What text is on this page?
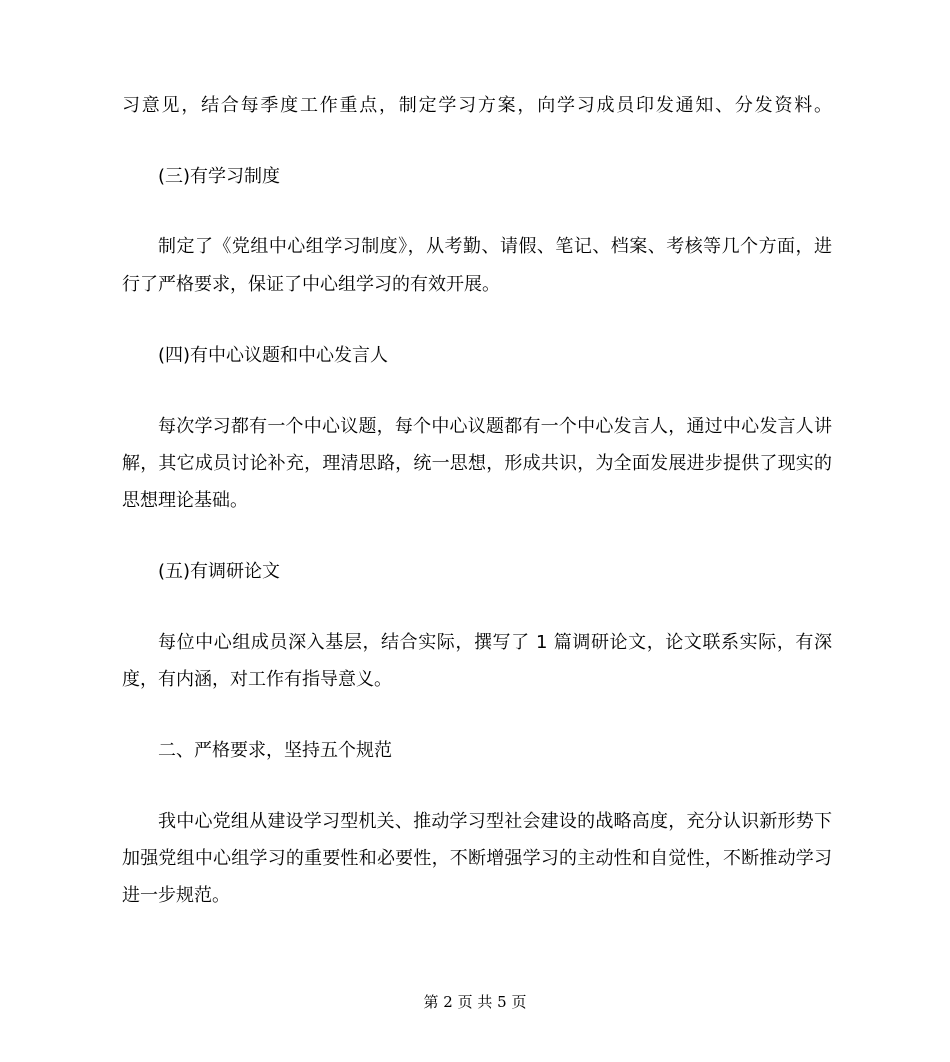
习意见，结合每季度工作重点，制定学习方案，向学习成员印发通知、分发资料。
(三)有学习制度
制定了《党组中心组学习制度》，从考勤、请假、笔记、档案、考核等几个方面，进
行了严格要求，保证了中心组学习的有效开展。
(四)有中心议题和中心发言人
每次学习都有一个中心议题，每个中心议题都有一个中心发言人，通过中心发言人讲
解，其它成员讨论补充，理清思路，统一思想，形成共识，为全面发展进步提供了现实的
思想理论基础。
(五)有调研论文
每位中心组成员深入基层，结合实际，撰写了 1 篇调研论文，论文联系实际，有深
度，有内涵，对工作有指导意义。
二、严格要求，坚持五个规范
我中心党组从建设学习型机关、推动学习型社会建设的战略高度，充分认识新形势下
加强党组中心组学习的重要性和必要性，不断增强学习的主动性和自觉性，不断推动学习
进一步规范。
第 2 页 共 5 页
